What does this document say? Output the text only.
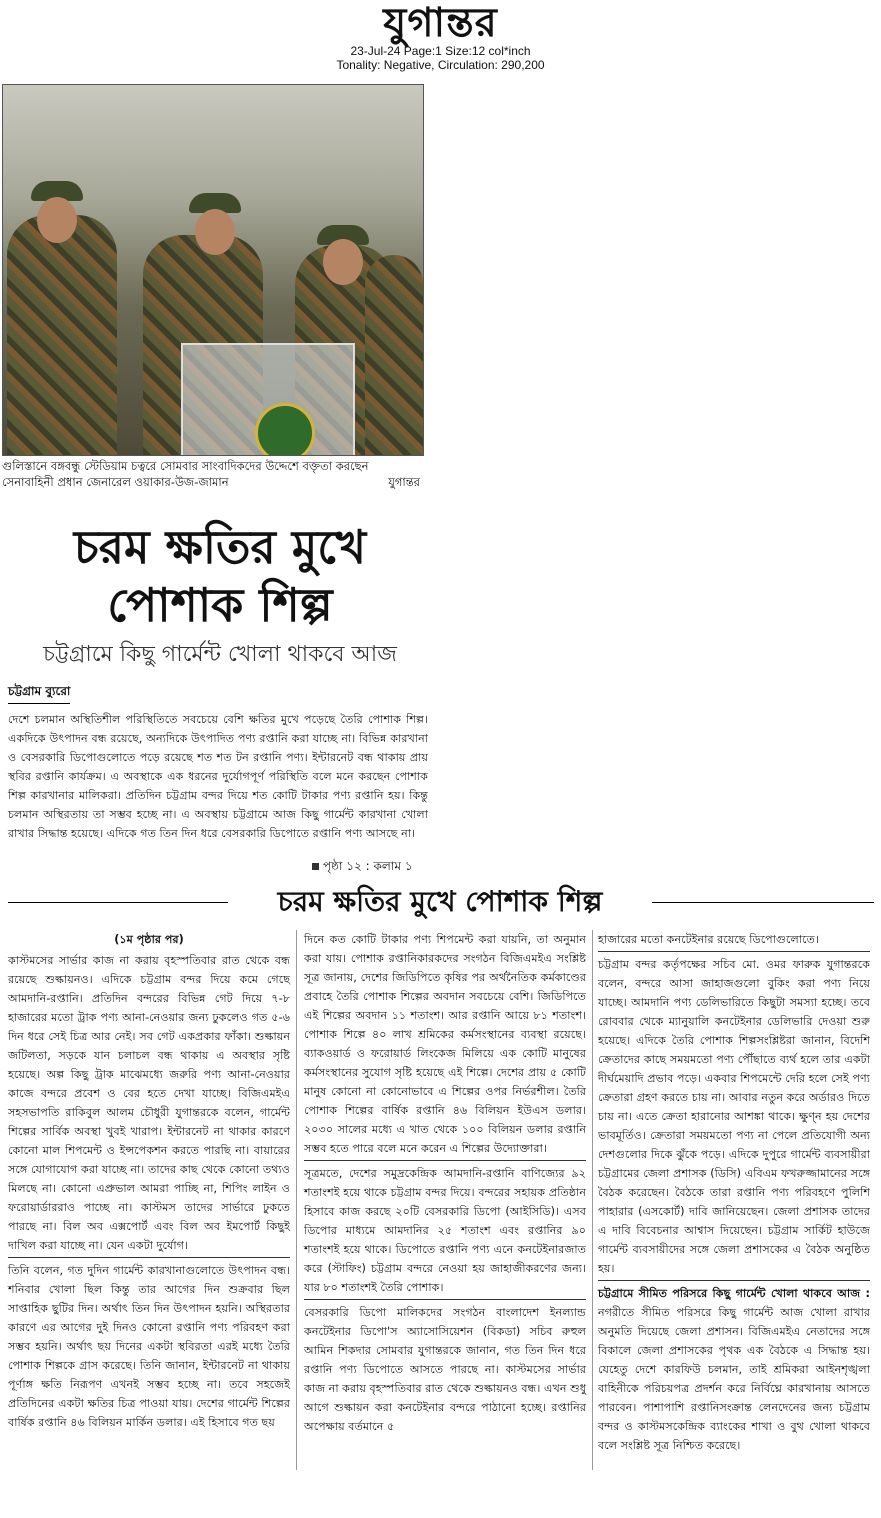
যুগান্তর
23-Jul-24 Page:1 Size:12 col*inch
Tonality: Negative, Circulation: 290,200
গুলিস্তানে বঙ্গবন্ধু স্টেডিয়াম চত্বরে সোমবার সাংবাদিকদের উদ্দেশে বক্তৃতা করছেন সেনাবাহিনী প্রধান জেনারেল ওয়াকার-উজ-জামান	যুগান্তর
চরম ক্ষতির মুখে
পোশাক শিল্প
চট্টগ্রামে কিছু গার্মেন্ট খোলা থাকবে আজ
চট্টগ্রাম ব্যুরো
দেশে চলমান অস্থিতিশীল পরিস্থিতিতে সবচেয়ে বেশি ক্ষতির মুখে পড়েছে তৈরি পোশাক শিল্প। একদিকে উৎপাদন বন্ধ রয়েছে, অন্যদিকে উৎপাদিত পণ্য রপ্তানি করা যাচ্ছে না। বিভিন্ন কারখানা ও বেসরকারি ডিপোগুলোতে পড়ে রয়েছে শত শত টন রপ্তানি পণ্য। ইন্টারনেট বন্ধ থাকায় প্রায় স্থবির রপ্তানি কার্যক্রম। এ অবস্থাকে এক ধরনের দুর্যোগপূর্ণ পরিস্থিতি বলে মনে করছেন পোশাক শিল্প কারখানার মালিকরা। প্রতিদিন চট্টগ্রাম বন্দর দিয়ে শত কোটি টাকার পণ্য রপ্তানি হয়। কিন্তু চলমান অস্থিরতায় তা সম্ভব হচ্ছে না। এ অবস্থায় চট্টগ্রামে আজ কিছু গার্মেন্ট কারখানা খোলা রাখার সিদ্ধান্ত হয়েছে। এদিকে গত তিন দিন ধরে বেসরকারি ডিপোতে রপ্তানি পণ্য আসছে না।
পৃষ্ঠা ১২ : কলাম ১
চরম ক্ষতির মুখে পোশাক শিল্প
(১ম পৃষ্ঠার পর)

কাস্টমসের সার্ভার কাজ না করায় বৃহস্পতিবার রাত থেকে বন্ধ রয়েছে শুল্কায়নও। এদিকে চট্টগ্রাম বন্দর দিয়ে কমে গেছে আমদানি-রপ্তানি। প্রতিদিন বন্দরের বিভিন্ন গেট দিয়ে ৭-৮ হাজারের মতো ট্রাক পণ্য আনা-নেওয়ার জন্য ঢুকলেও গত ৫-৬ দিন ধরে সেই চিত্র আর নেই। সব গেট একপ্রকার ফাঁকা। শুল্কায়ন জটিলতা, সড়কে যান চলাচল বন্ধ থাকায় এ অবস্থার সৃষ্টি হয়েছে। অল্প কিছু ট্রাক মাঝেমধ্যে জরুরি পণ্য আনা-নেওয়ার কাজে বন্দরে প্রবেশ ও বের হতে দেখা যাচ্ছে। বিজিএমইএ সহসভাপতি রাকিবুল আলম চৌধুরী যুগান্তরকে বলেন, গার্মেন্ট শিল্পের সার্বিক অবস্থা খুবই খারাপ। ইন্টারনেট না থাকার কারণে কোনো মাল শিপমেন্ট ও ইন্সপেকশন করতে পারছি না। বায়ারের সঙ্গে যোগাযোগ করা যাচ্ছে না। তাদের কাছ থেকে কোনো তথ্যও মিলছে না। কোনো এপ্রুভাল আমরা পাচ্ছি না, শিপিং লাইন ও ফরোয়ার্ডাররাও পাচ্ছে না। কাস্টমস তাদের সার্ভারে ঢুকতে পারছে না। বিল অব এক্সপোর্ট এবং বিল অব ইমপোর্ট কিছুই দাখিল করা যাচ্ছে না। যেন একটা দুর্যোগ।

তিনি বলেন, গত দুদিন গার্মেন্ট কারখানাগুলোতে উৎপাদন বন্ধ। শনিবার খোলা ছিল কিন্তু তার আগের দিন শুক্রবার ছিল সাপ্তাহিক ছুটির দিন। অর্থাৎ তিন দিন উৎপাদন হয়নি। অস্থিরতার কারণে এর আগের দুই দিনও কোনো রপ্তানি পণ্য পরিবহণ করা সম্ভব হয়নি। অর্থাৎ ছয় দিনের একটা স্থবিরতা এরই মধ্যে তৈরি পোশাক শিল্পকে গ্রাস করেছে। তিনি জানান, ইন্টারনেট না থাকায় পূর্ণাঙ্গ ক্ষতি নিরূপণ এখনই সম্ভব হচ্ছে না। তবে সহজেই প্রতিদিনের একটা ক্ষতির চিত্র পাওয়া যায়। দেশের গার্মেন্ট শিল্পের বার্ষিক রপ্তানি ৪৬ বিলিয়ন মার্কিন ডলার। এই হিসাবে গত ছয়

দিনে কত কোটি টাকার পণ্য শিপমেন্ট করা যায়নি, তা অনুমান করা যায়। পোশাক রপ্তানিকারকদের সংগঠন বিজিএমইএ সংশ্লিষ্ট সূত্র জানায়, দেশের জিডিপিতে কৃষির পর অর্থনৈতিক কর্মকাণ্ডের প্রবাহে তৈরি পোশাক শিল্পের অবদান সবচেয়ে বেশি। জিডিপিতে এই শিল্পের অবদান ১১ শতাংশ। আর রপ্তানি আয়ে ৮১ শতাংশ। পোশাক শিল্পে ৪০ লাখ শ্রমিকের কর্মসংস্থানের ব্যবস্থা রয়েছে। ব্যাকওয়ার্ড ও ফরোয়ার্ড লিংকেজ মিলিয়ে এক কোটি মানুষের কর্মসংস্থানের সুযোগ সৃষ্টি হয়েছে এই শিল্পে। দেশের প্রায় ৫ কোটি মানুষ কোনো না কোনোভাবে এ শিল্পের ওপর নির্ভরশীল। তৈরি পোশাক শিল্পের বার্ষিক রপ্তানি ৪৬ বিলিয়ন ইউএস ডলার। ২০৩০ সালের মধ্যে এ খাত থেকে ১০০ বিলিয়ন ডলার রপ্তানি সম্ভব হতে পারে বলে মনে করেন এ শিল্পের উদ্যোক্তারা।

সূত্রমতে, দেশের সমুদ্রকেন্দ্রিক আমদানি-রপ্তানি বাণিজ্যের ৯২ শতাংশই হয়ে থাকে চট্টগ্রাম বন্দর দিয়ে। বন্দরের সহায়ক প্রতিষ্ঠান হিসাবে কাজ করছে ২০টি বেসরকারি ডিপো (আইসিডি)। এসব ডিপোর মাধ্যমে আমদানির ২৫ শতাংশ এবং রপ্তানির ৯০ শতাংশই হয়ে থাকে। ডিপোতে রপ্তানি পণ্য এনে কনটেইনারজাত করে (স্টাফিং) চট্টগ্রাম বন্দরে নেওয়া হয় জাহাজীকরণের জন্য। যার ৮০ শতাংশই তৈরি পোশাক।

বেসরকারি ডিপো মালিকদের সংগঠন বাংলাদেশ ইনল্যান্ড কনটেইনার ডিপো'স অ্যাসোসিয়েশন (বিকডা) সচিব রুহুল আমিন শিকদার সোমবার যুগান্তরকে জানান, গত তিন দিন ধরে রপ্তানি পণ্য ডিপোতে আসতে পারছে না। কাস্টমসের সার্ভার কাজ না করায় বৃহস্পতিবার রাত থেকে শুল্কায়নও বন্ধ। এখন শুধু আগে শুল্কায়ন করা কনটেইনার বন্দরে পাঠানো হচ্ছে। রপ্তানির অপেক্ষায় বর্তমানে ৫

হাজারের মতো কনটেইনার রয়েছে ডিপোগুলোতে।

চট্টগ্রাম বন্দর কর্তৃপক্ষের সচিব মো. ওমর ফারুক যুগান্তরকে বলেন, বন্দরে আসা জাহাজগুলো বুকিং করা পণ্য নিয়ে যাচ্ছে। আমদানি পণ্য ডেলিভারিতে কিছুটা সমস্যা হচ্ছে। তবে রোববার থেকে ম্যানুয়ালি কনটেইনার ডেলিভারি দেওয়া শুরু হয়েছে। এদিকে তৈরি পোশাক শিল্পসংশ্লিষ্টরা জানান, বিদেশি ক্রেতাদের কাছে সময়মতো পণ্য পৌঁছাতে ব্যর্থ হলে তার একটা দীর্ঘমেয়াদি প্রভাব পড়ে। একবার শিপমেন্টে দেরি হলে সেই পণ্য ক্রেতারা গ্রহণ করতে চায় না। আবার নতুন করে অর্ডারও দিতে চায় না। এতে ক্রেতা হারানোর আশঙ্কা থাকে। ক্ষুণ্ন হয় দেশের ভাবমূর্তিও। ক্রেতারা সময়মতো পণ্য না পেলে প্রতিযোগী অন্য দেশগুলোর দিকে ঝুঁকে পড়ে। এদিকে দুপুরে গার্মেন্ট ব্যবসায়ীরা চট্টগ্রামের জেলা প্রশাসক (ডিসি) এবিএম ফখরুজ্জামানের সঙ্গে বৈঠক করেছেন। বৈঠকে তারা রপ্তানি পণ্য পরিবহণে পুলিশি পাহারার (এসকোর্ট) দাবি জানিয়েছেন। জেলা প্রশাসক তাদের এ দাবি বিবেচনার আশ্বাস দিয়েছেন। চট্টগ্রাম সার্কিট হাউজে গার্মেন্ট ব্যবসায়ীদের সঙ্গে জেলা প্রশাসকের এ বৈঠক অনুষ্ঠিত হয়।

চট্টগ্রামে সীমিত পরিসরে কিছু গার্মেন্ট খোলা থাকবে আজ : নগরীতে সীমিত পরিসরে কিছু গার্মেন্ট আজ খোলা রাখার অনুমতি দিয়েছে জেলা প্রশাসন। বিজিএমইএ নেতাদের সঙ্গে বিকালে জেলা প্রশাসকের পৃথক এক বৈঠকে এ সিদ্ধান্ত হয়। যেহেতু দেশে কারফিউ চলমান, তাই শ্রমিকরা আইনশৃঙ্খলা বাহিনীকে পরিচয়পত্র প্রদর্শন করে নির্বিঘ্নে কারখানায় আসতে পারবেন। পাশাপাশি রপ্তানিসংক্রান্ত লেনদেনের জন্য চট্টগ্রাম বন্দর ও কাস্টমসকেন্দ্রিক ব্যাংকের শাখা ও বুথ খোলা থাকবে বলে সংশ্লিষ্ট সূত্র নিশ্চিত করেছে।
